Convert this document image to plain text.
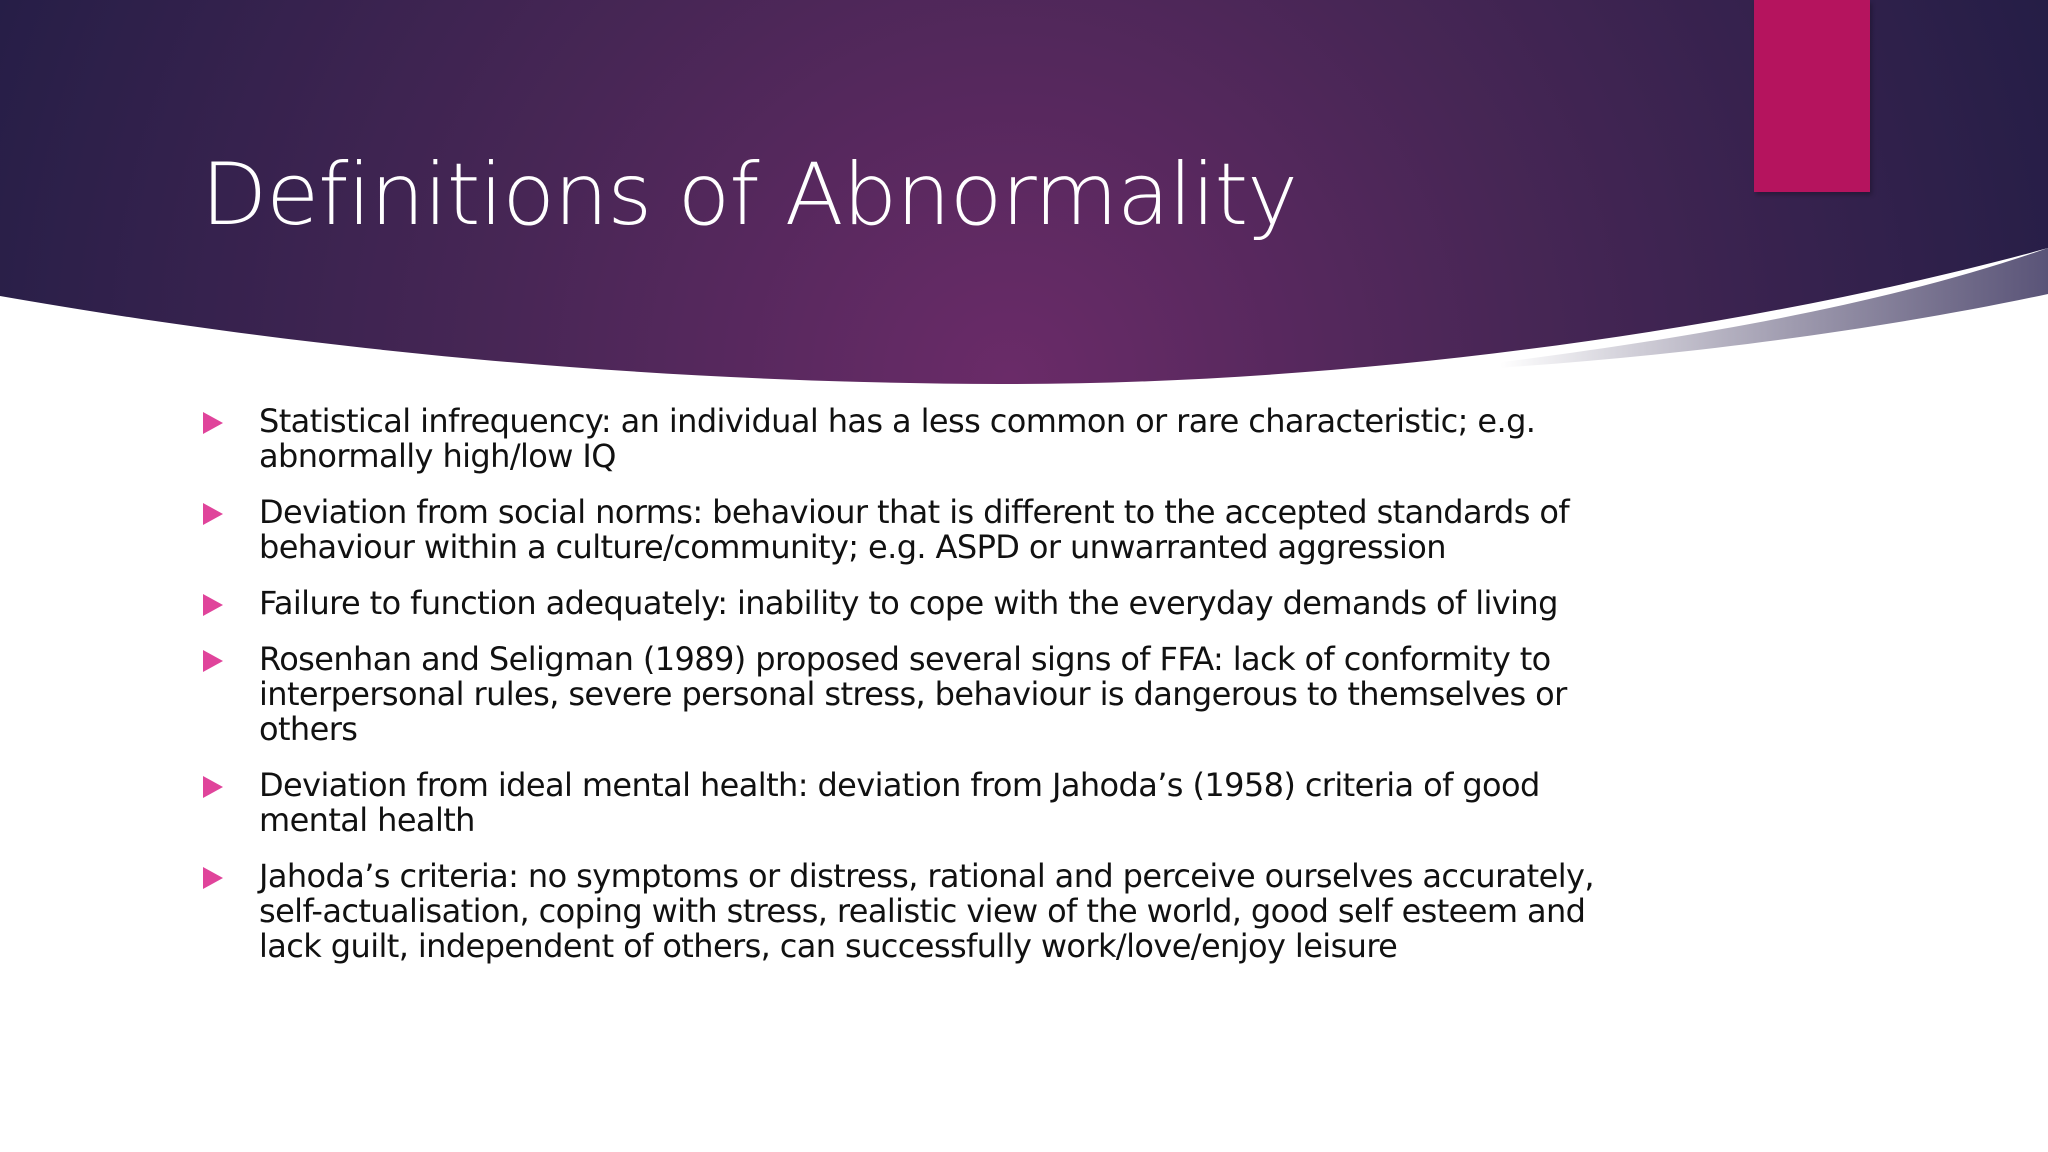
Definitions of Abnormality
Statistical infrequency: an individual has a less common or rare characteristic; e.g. abnormally high/low IQ
Deviation from social norms: behaviour that is different to the accepted standards of behaviour within a culture/community; e.g. ASPD or unwarranted aggression
Failure to function adequately: inability to cope with the everyday demands of living
Rosenhan and Seligman (1989) proposed several signs of FFA: lack of conformity to interpersonal rules, severe personal stress, behaviour is dangerous to themselves or others
Deviation from ideal mental health: deviation from Jahoda’s (1958) criteria of good mental health
Jahoda’s criteria: no symptoms or distress, rational and perceive ourselves accurately, self-actualisation, coping with stress, realistic view of the world, good self esteem and lack guilt, independent of others, can successfully work/love/enjoy leisure
